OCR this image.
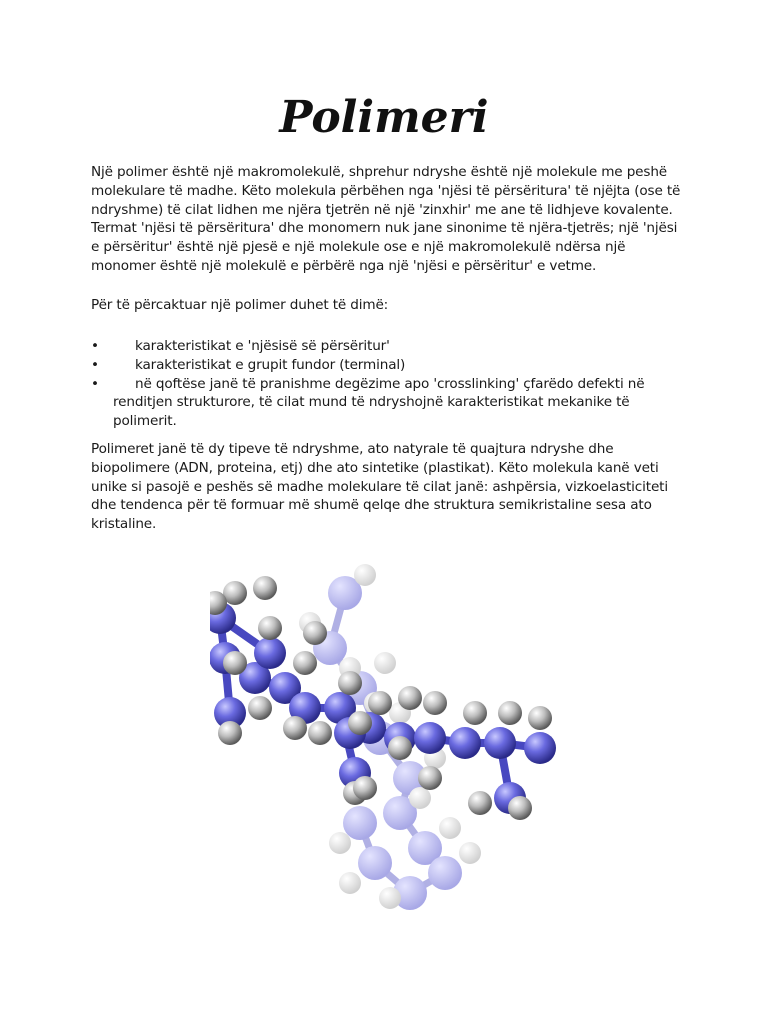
Polimeri
Një polimer është një makromolekulë, shprehur ndryshe është një molekule me peshë molekulare të madhe. Këto molekula përbëhen nga 'njësi të përsëritura' të njëjta (ose të ndryshme) të cilat lidhen me njëra tjetrën në një 'zinxhir' me ane të lidhjeve kovalente. Termat 'njësi të përsëritura' dhe monomern nuk jane sinonime të njëra-tjetrës; një 'njësi e përsëritur' është një pjesë e një molekule ose e një makromolekulë ndërsa një monomer është një molekulë e përbërë nga një 'njësi e përsëritur' e vetme.
Për të përcaktuar një polimer duhet të dimë:
•	karakteristikat e 'njësisë së përsëritur'
•	karakteristikat e grupit fundor (terminal)
•	në qoftëse janë të pranishme degëzime apo 'crosslinking' çfarëdo defekti në renditjen strukturore, të cilat mund të ndryshojnë karakteristikat mekanike të polimerit.
Polimeret janë të dy tipeve të ndryshme, ato natyrale të quajtura ndryshe dhe biopolimere (ADN, proteina, etj) dhe ato sintetike (plastikat). Këto molekula kanë veti unike si pasojë e peshës së madhe molekulare të cilat janë: ashpërsia, vizkoelasticiteti dhe tendenca për të formuar më shumë qelqe dhe struktura semikristaline sesa ato kristaline.
